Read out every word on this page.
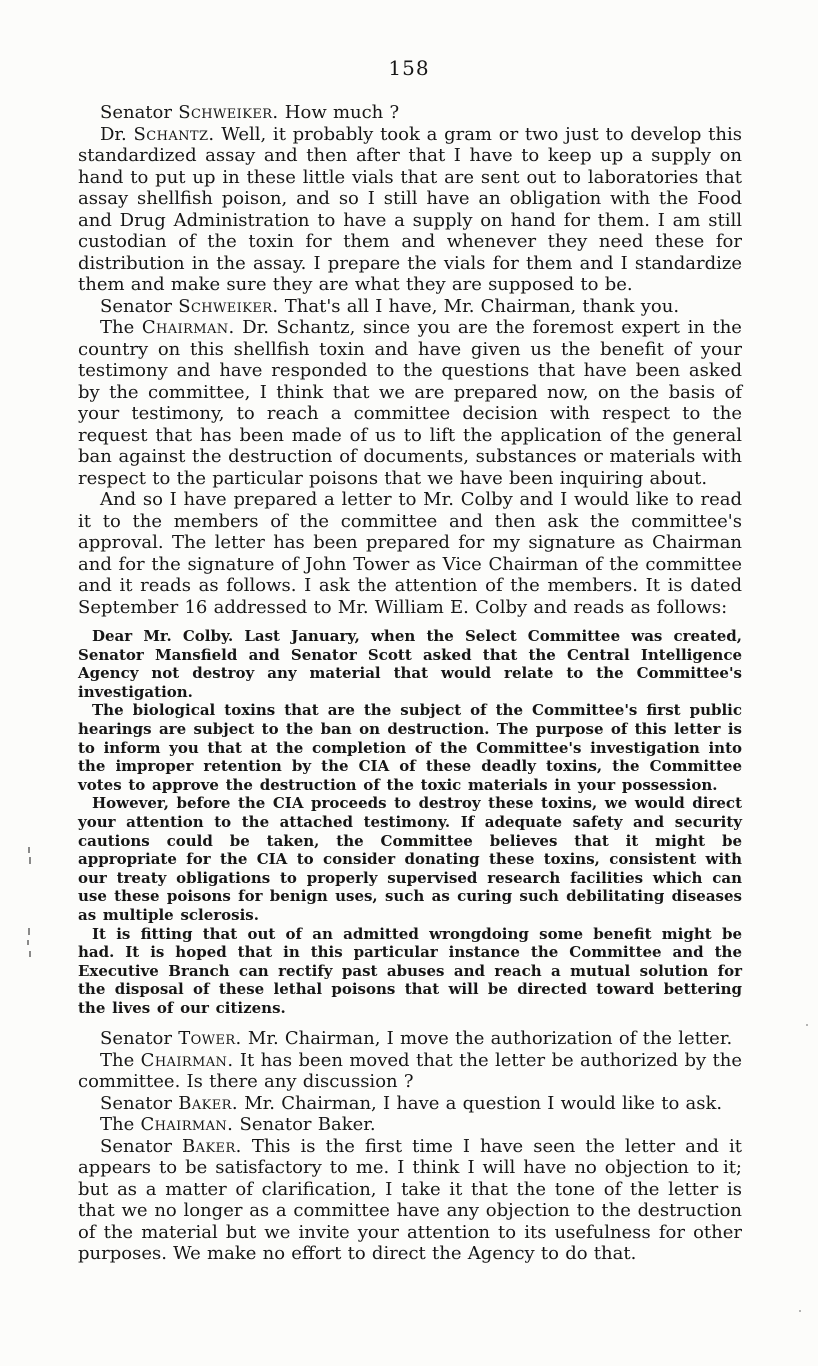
158

Senator Schweiker. How much ?

Dr. Schantz. Well, it probably took a gram or two just to develop this standardized assay and then after that I have to keep up a supply on hand to put up in these little vials that are sent out to laboratories that assay shellfish poison, and so I still have an obligation with the Food and Drug Administration to have a supply on hand for them. I am still custodian of the toxin for them and whenever they need these for distribution in the assay. I prepare the vials for them and I standardize them and make sure they are what they are supposed to be.

Senator Schweiker. That's all I have, Mr. Chairman, thank you.

The Chairman. Dr. Schantz, since you are the foremost expert in the country on this shellfish toxin and have given us the benefit of your testimony and have responded to the questions that have been asked by the committee, I think that we are prepared now, on the basis of your testimony, to reach a committee decision with respect to the request that has been made of us to lift the application of the general ban against the destruction of documents, substances or materials with respect to the particular poisons that we have been inquiring about.

And so I have prepared a letter to Mr. Colby and I would like to read it to the members of the committee and then ask the committee's approval. The letter has been prepared for my signature as Chairman and for the signature of John Tower as Vice Chairman of the committee and it reads as follows. I ask the attention of the members. It is dated September 16 addressed to Mr. William E. Colby and reads as follows:

Dear Mr. Colby. Last January, when the Select Committee was created, Senator Mansfield and Senator Scott asked that the Central Intelligence Agency not destroy any material that would relate to the Committee's investigation.

The biological toxins that are the subject of the Committee's first public hearings are subject to the ban on destruction. The purpose of this letter is to inform you that at the completion of the Committee's investigation into the improper retention by the CIA of these deadly toxins, the Committee votes to approve the destruction of the toxic materials in your possession.

However, before the CIA proceeds to destroy these toxins, we would direct your attention to the attached testimony. If adequate safety and security cautions could be taken, the Committee believes that it might be appropriate for the CIA to consider donating these toxins, consistent with our treaty obligations to properly supervised research facilities which can use these poisons for benign uses, such as curing such debilitating diseases as multiple sclerosis.

It is fitting that out of an admitted wrongdoing some benefit might be had. It is hoped that in this particular instance the Committee and the Executive Branch can rectify past abuses and reach a mutual solution for the disposal of these lethal poisons that will be directed toward bettering the lives of our citizens.

Senator Tower. Mr. Chairman, I move the authorization of the letter.

The Chairman. It has been moved that the letter be authorized by the committee. Is there any discussion ?

Senator Baker. Mr. Chairman, I have a question I would like to ask.

The Chairman. Senator Baker.

Senator Baker. This is the first time I have seen the letter and it appears to be satisfactory to me. I think I will have no objection to it; but as a matter of clarification, I take it that the tone of the letter is that we no longer as a committee have any objection to the destruction of the material but we invite your attention to its usefulness for other purposes. We make no effort to direct the Agency to do that.
